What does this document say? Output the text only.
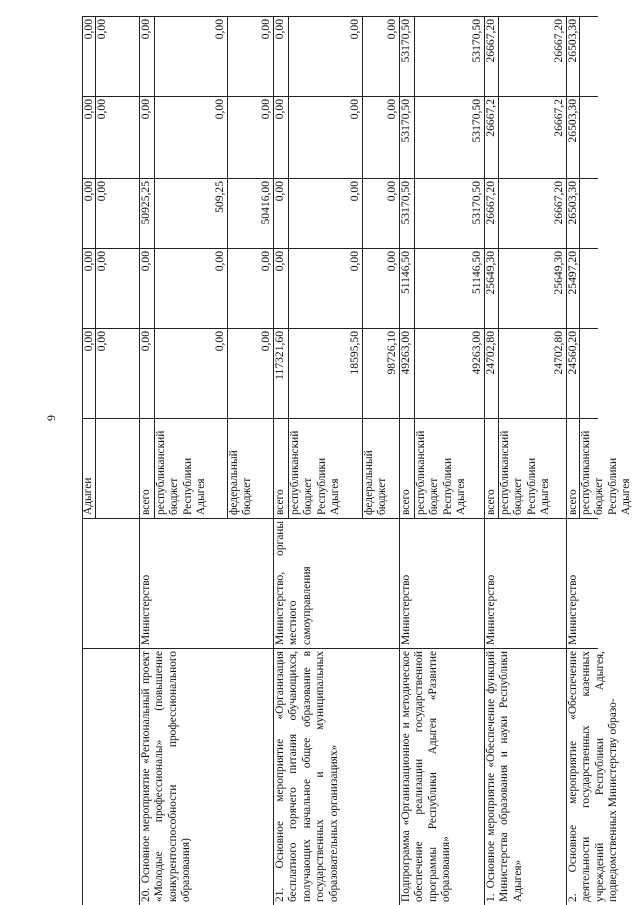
9
Адыгеи
0,00
0,00
0,00
0,00
0,00
0,00
0,00
0,00
0,00
0,00
20. Основное мероприятие «Региональный проект «Молодые профессионалы» (повышение конкурентоспособности профессионального образования)
Министерство
всего республиканский бюджет Республики Адыгея	федеральный бюджет
0,00
0,00
50925,25
0,00
0,00
0,00
0,00
509,25
0,00
0,00
0,00
0,00
50416,00
0,00
0,00
21. Основное мероприятие «Организация бесплатного горячего питания обучающихся, получающих начальное общее образование в государственных и муниципальных образовательных организациях»
Министерство, органы местного самоуправления
всего республиканский бюджет Республики Адыгея	федеральный бюджет
117321,60
0,00
0,00
0,00
0,00
18595,50
0,00
0,00
0,00
0,00
98726,10
0,00
0,00
0,00
0,00
Подпрограмма «Организационное и методическое обеспечение реализации государственной программы Республики Адыгея «Развитие образования»
Министерство
всего республиканский бюджет Республики Адыгея
49263,00
51146,50
53170,50
53170,50
53170,50
49263,00
51146,50
53170,50
53170,50
53170,50
1. Основное мероприятие «Обеспечение функций Министерства образования и науки Республики Адыгея»
Министерство
всего республиканский бюджет Республики Адыгея
24702,80
25649,30
26667,20
26667,2
26667,20
24702,80
25649,30
26667,20
26667,2
26667,20
2. Основное мероприятие «Обеспечение деятельности государственных казенных учреждений Республики Адыгея, подведомственных Министерству образо-
Министерство
всего республиканский бюджет Республики Адыгея
24560,20
25497,20
26503,30
26503,30
26503,30
